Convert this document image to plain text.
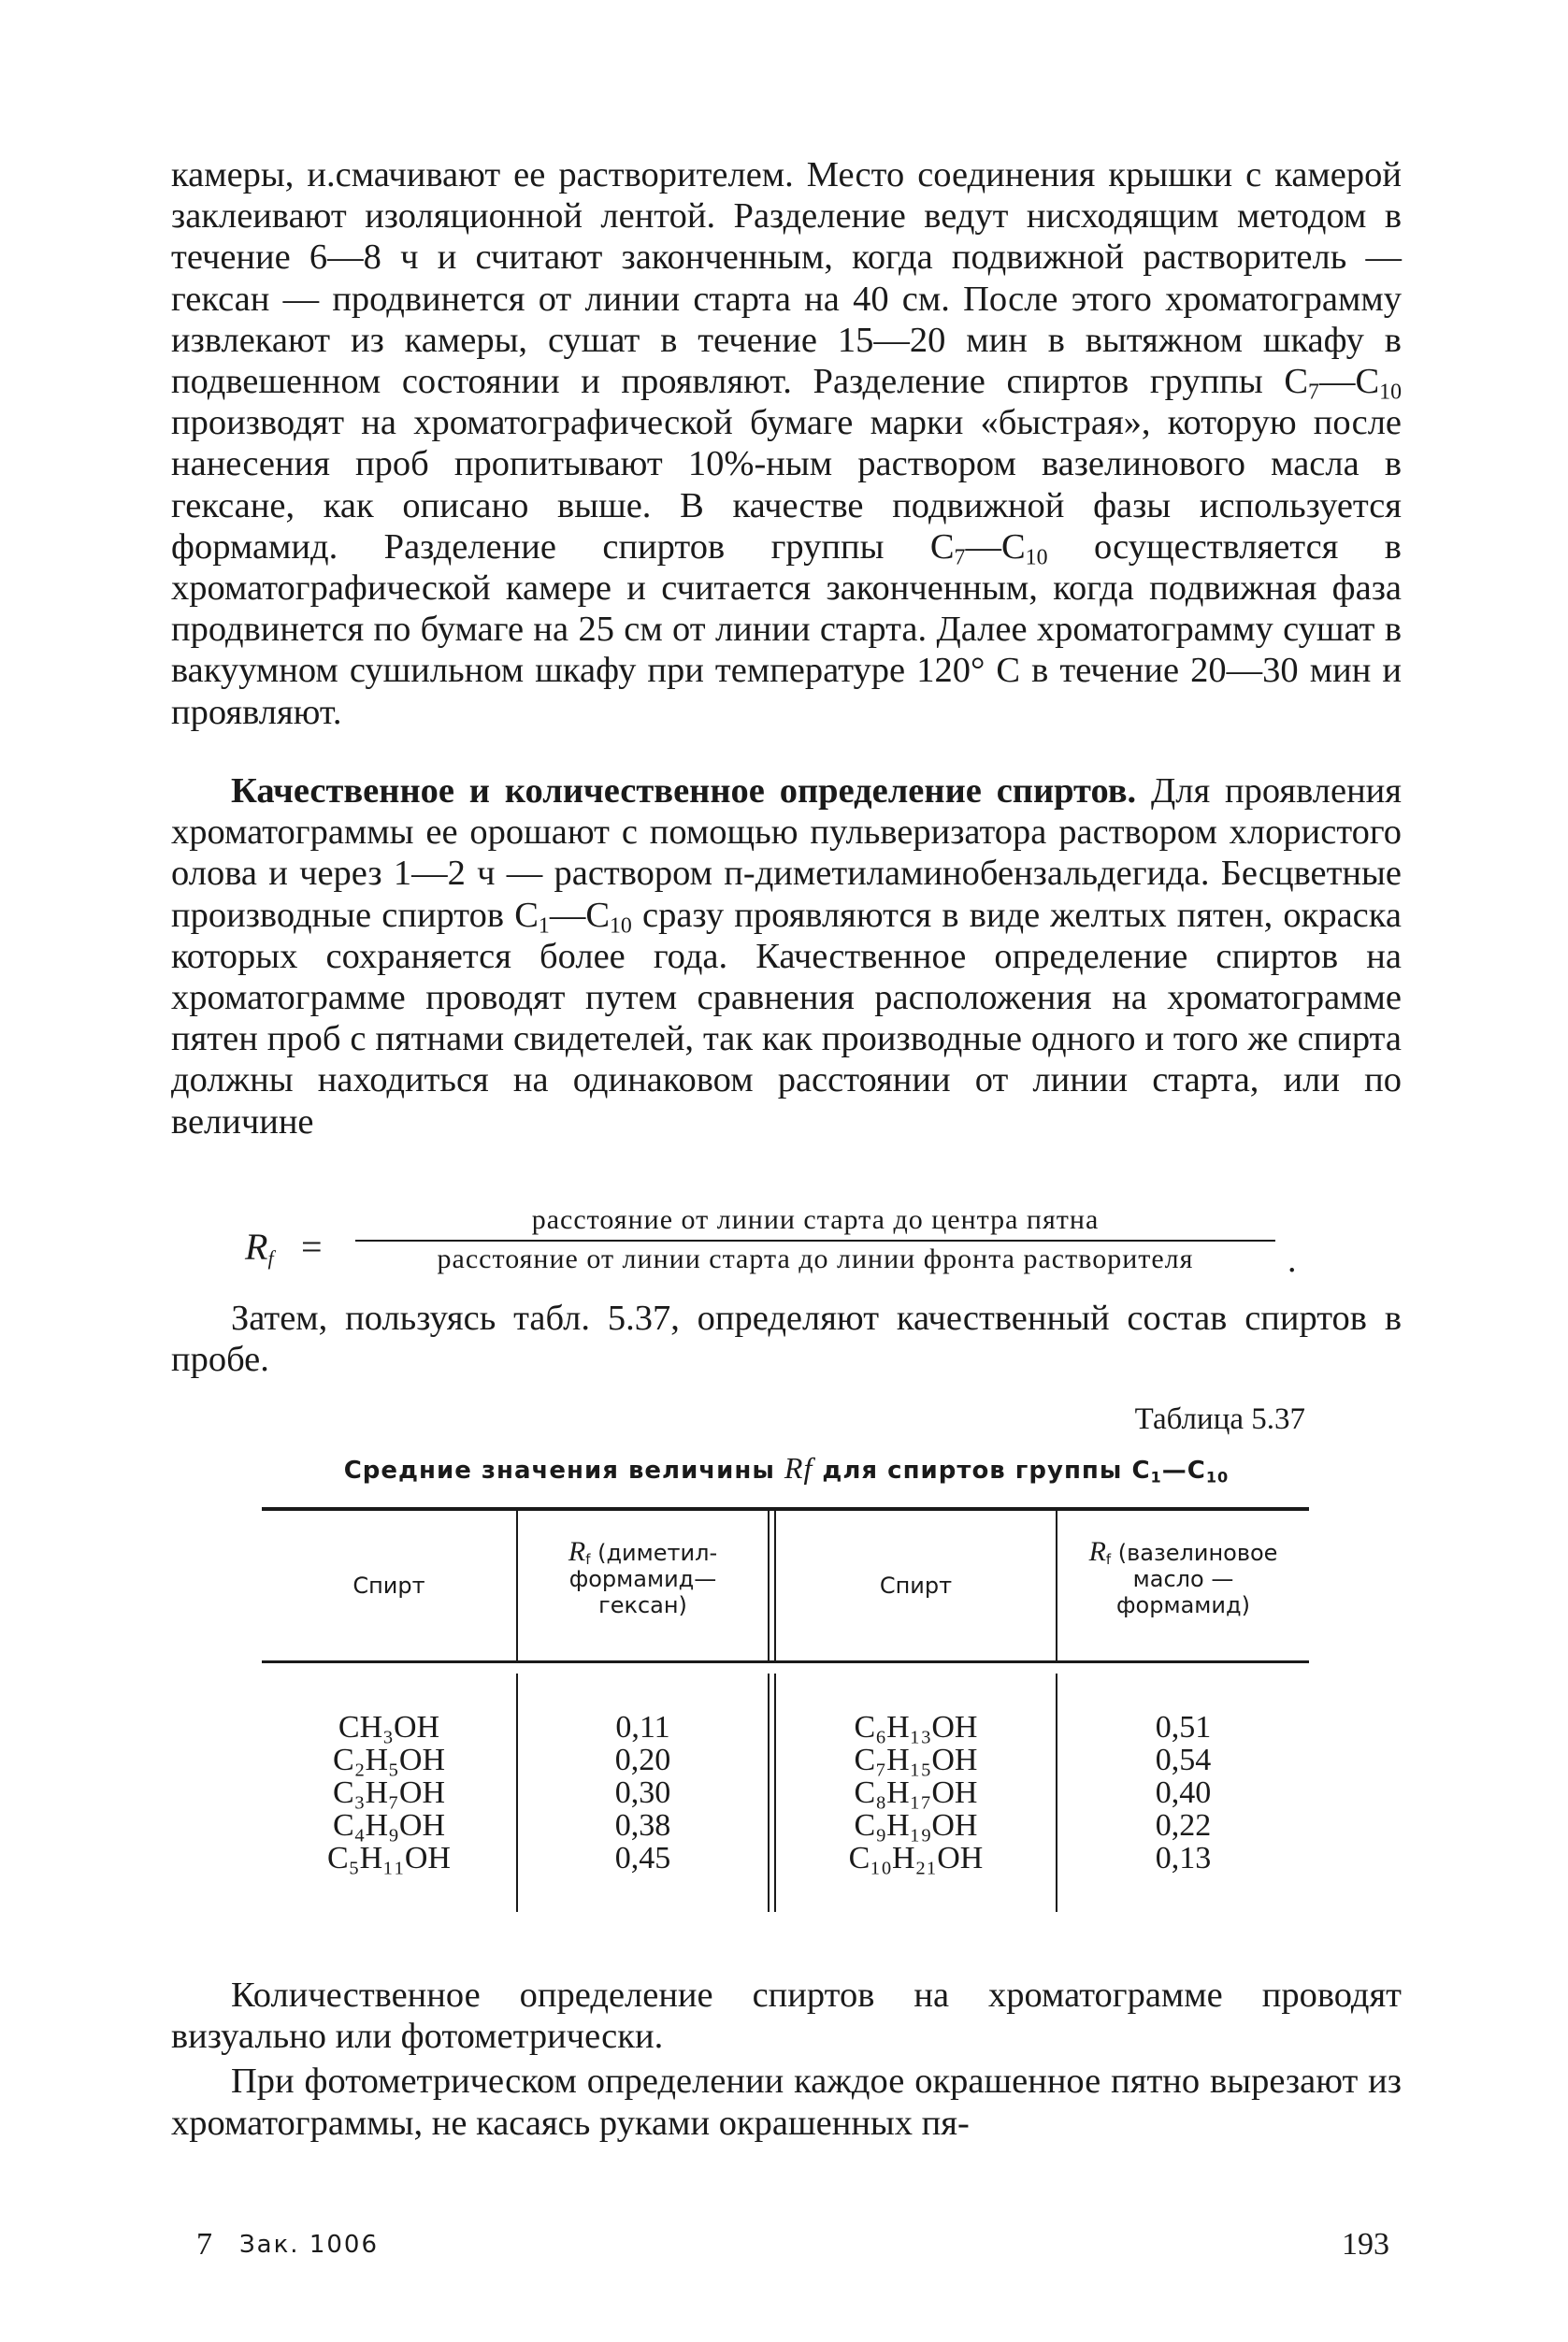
камеры, и.смачивают ее растворителем. Место соединения крышки с камерой заклеивают изоляционной лентой. Разделение ведут нисходящим методом в течение 6—8 ч и считают законченным, когда подвижной растворитель — гексан — продвинется от линии старта на 40 см. После этого хроматограмму извлекают из камеры, сушат в течение 15—20 мин в вытяжном шкафу в подвешенном состоянии и проявляют. Разделение спиртов группы $C_7—C_{10}$ производят на хроматографической бумаге марки «быстрая», которую после нанесения проб пропитывают 10%-ным раствором вазелинового масла в гексане, как описано выше. В качестве подвижной фазы используется формамид. Разделение спиртов группы $C_7—C_{10}$ осуществляется в хроматографической камере и считается законченным, когда подвижная фаза продвинется по бумаге на 25 см от линии старта. Далее хроматограмму сушат в вакуумном сушильном шкафу при температуре 120° C в течение 20—30 мин и проявляют.

Качественное и количественное определение спиртов. Для проявления хроматограммы ее орошают с помощью пульверизатора раствором хлористого олова и через 1—2 ч — раствором п-диметиламинобензальдегида. Бесцветные производные спиртов $C_1—C_{10}$ сразу проявляются в виде желтых пятен, окраска которых сохраняется более года. Качественное определение спиртов на хроматограмме проводят путем сравнения расположения на хроматограмме пятен проб с пятнами свидетелей, так как производные одного и того же спирта должны находиться на одинаковом расстоянии от линии старта, или по величине

$R_f$ =
расстояние от линии старта до центра пятна
расстояние от линии старта до линии фронта растворителя	.

Затем, пользуясь табл. 5.37, определяют качественный состав спиртов в пробе.

Таблица 5.37
Средние значения величины Rf для спиртов группы $C_1—C_{10}$
Спирт
$R_f$ (диметил-
формамид—
гексан)
Спирт
$R_f$ (вазелиновое
масло —
формамид)
CH₃OH
C₂H₅OH
C₃H₇OH
C₄H₉OH
C₅H₁₁OH
0,11
0,20
0,30
0,38
0,45
C₆H₁₃OH
C₇H₁₅OH
C₈H₁₇OH
C₉H₁₉OH
C₁₀H₂₁OH
0,51
0,54
0,40
0,22
0,13

Количественное определение спиртов на хроматограмме проводят визуально или фотометрически.

При фотометрическом определении каждое окрашенное пятно вырезают из хроматограммы, не касаясь руками окрашенных пя-

7 Зак. 1006	193
